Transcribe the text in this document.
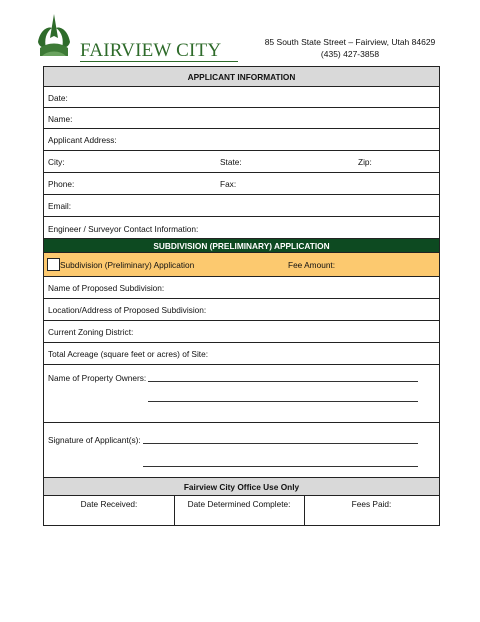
FAIRVIEW CITY	85 South State Street – Fairview, Utah 84629
(435) 427-3858
APPLICANT INFORMATION
Date:
Name:
Applicant Address:
City:	State:	Zip:
Phone:	Fax:
Email:
Engineer / Surveyor Contact Information:
SUBDIVISION (PRELIMINARY) APPLICATION
Subdivision (Preliminary) Application	Fee Amount:
Name of Proposed Subdivision:
Location/Address of Proposed Subdivision:
Current Zoning District:
Total Acreage (square feet or acres) of Site:
Name of Property Owners:
Signature of Applicant(s):
Fairview City Office Use Only
Date Received:	Date Determined Complete:	Fees Paid:
